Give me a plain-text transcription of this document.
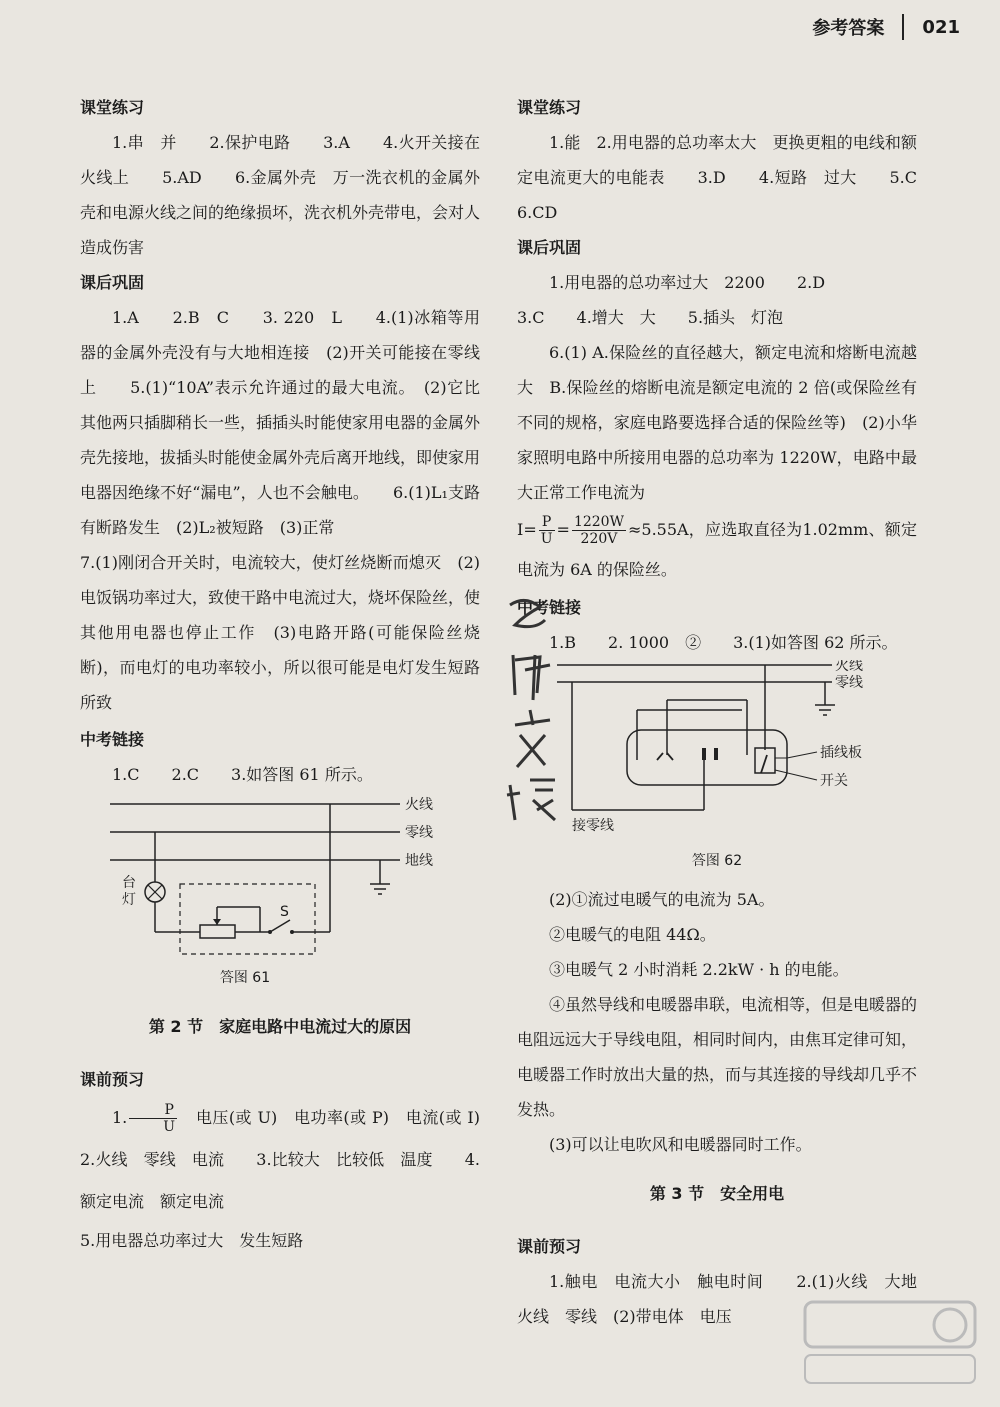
参考答案 021
课堂练习

1.串　并　　2.保护电路　　3.A　　4.火开关接在火线上　　5.AD　　6.金属外壳　万一洗衣机的金属外壳和电源火线之间的绝缘损坏，洗衣机外壳带电，会对人造成伤害

课后巩固

1.A　　2.B　C　　3. 220　L　　4.(1)冰箱等用器的金属外壳没有与大地相连接　(2)开关可能接在零线上　　5.(1)“10A”表示允许通过的最大电流。　(2)它比其他两只插脚稍长一些，插插头时能使家用电器的金属外壳先接地，拔插头时能使金属外壳后离开地线，即使家用电器因绝缘不好“漏电”，人也不会触电。　　6.(1)L₁支路有断路发生　(2)L₂被短路　(3)正常

7.(1)刚闭合开关时，电流较大，使灯丝烧断而熄灭　(2)电饭锅功率过大，致使干路中电流过大，烧坏保险丝，使其他用电器也停止工作　(3)电路开路(可能保险丝烧断)，而电灯的电功率较小，所以很可能是电灯发生短路所致

中考链接

1.C　　2.C　　3.如答图 61 所示。

火线
零线
地线
台
灯
S
答图 61
第 2 节　家庭电路中电流过大的原因
课前预习

1. $\frac{P}{U}$ 　电压(或 U)　电功率(或 P)　电流(或 I)　　2.火线　零线　电流　　3.比较大　比较低　温度　　4.额定电流　额定电流

5.用电器总功率过大　发生短路

课堂练习

1.能　2.用电器的总功率太大　更换更粗的电线和额定电流更大的电能表　　3.D　　4.短路　过大　　5.C　　6.CD

课后巩固

1.用电器的总功率过大　2200　　2.D

3.C　　4.增大　大　　5.插头　灯泡

6.(1) A.保险丝的直径越大，额定电流和熔断电流越大　B.保险丝的熔断电流是额定电流的 2 倍(或保险丝有不同的规格，家庭电路要选择合适的保险丝等)　(2)小华家照明电路中所接用电器的总功率为 1220W，电路中最大正常工作电流为

$I= \frac{P}{U} = \frac{1220W}{220V} \approx 5.55A$，应选取直径为1.02mm、额定电流为 6A 的保险丝。

中考链接

1.B　　2. 1000　②　　3.(1)如答图 62 所示。

火线
零线
插线板
开关
接零线
答图 62

(2)①流过电暖气的电流为 5A。

②电暖气的电阻 44Ω。

③电暖气 2 小时消耗 2.2kW · h 的电能。

④虽然导线和电暖器串联，电流相等，但是电暖器的电阻远远大于导线电阻，相同时间内，由焦耳定律可知，电暖器工作时放出大量的热，而与其连接的导线却几乎不发热。

(3)可以让电吹风和电暖器同时工作。

第 3 节　安全用电
课前预习

1.触电　电流大小　触电时间　　2.(1)火线　大地　火线　零线　(2)带电体　电压
